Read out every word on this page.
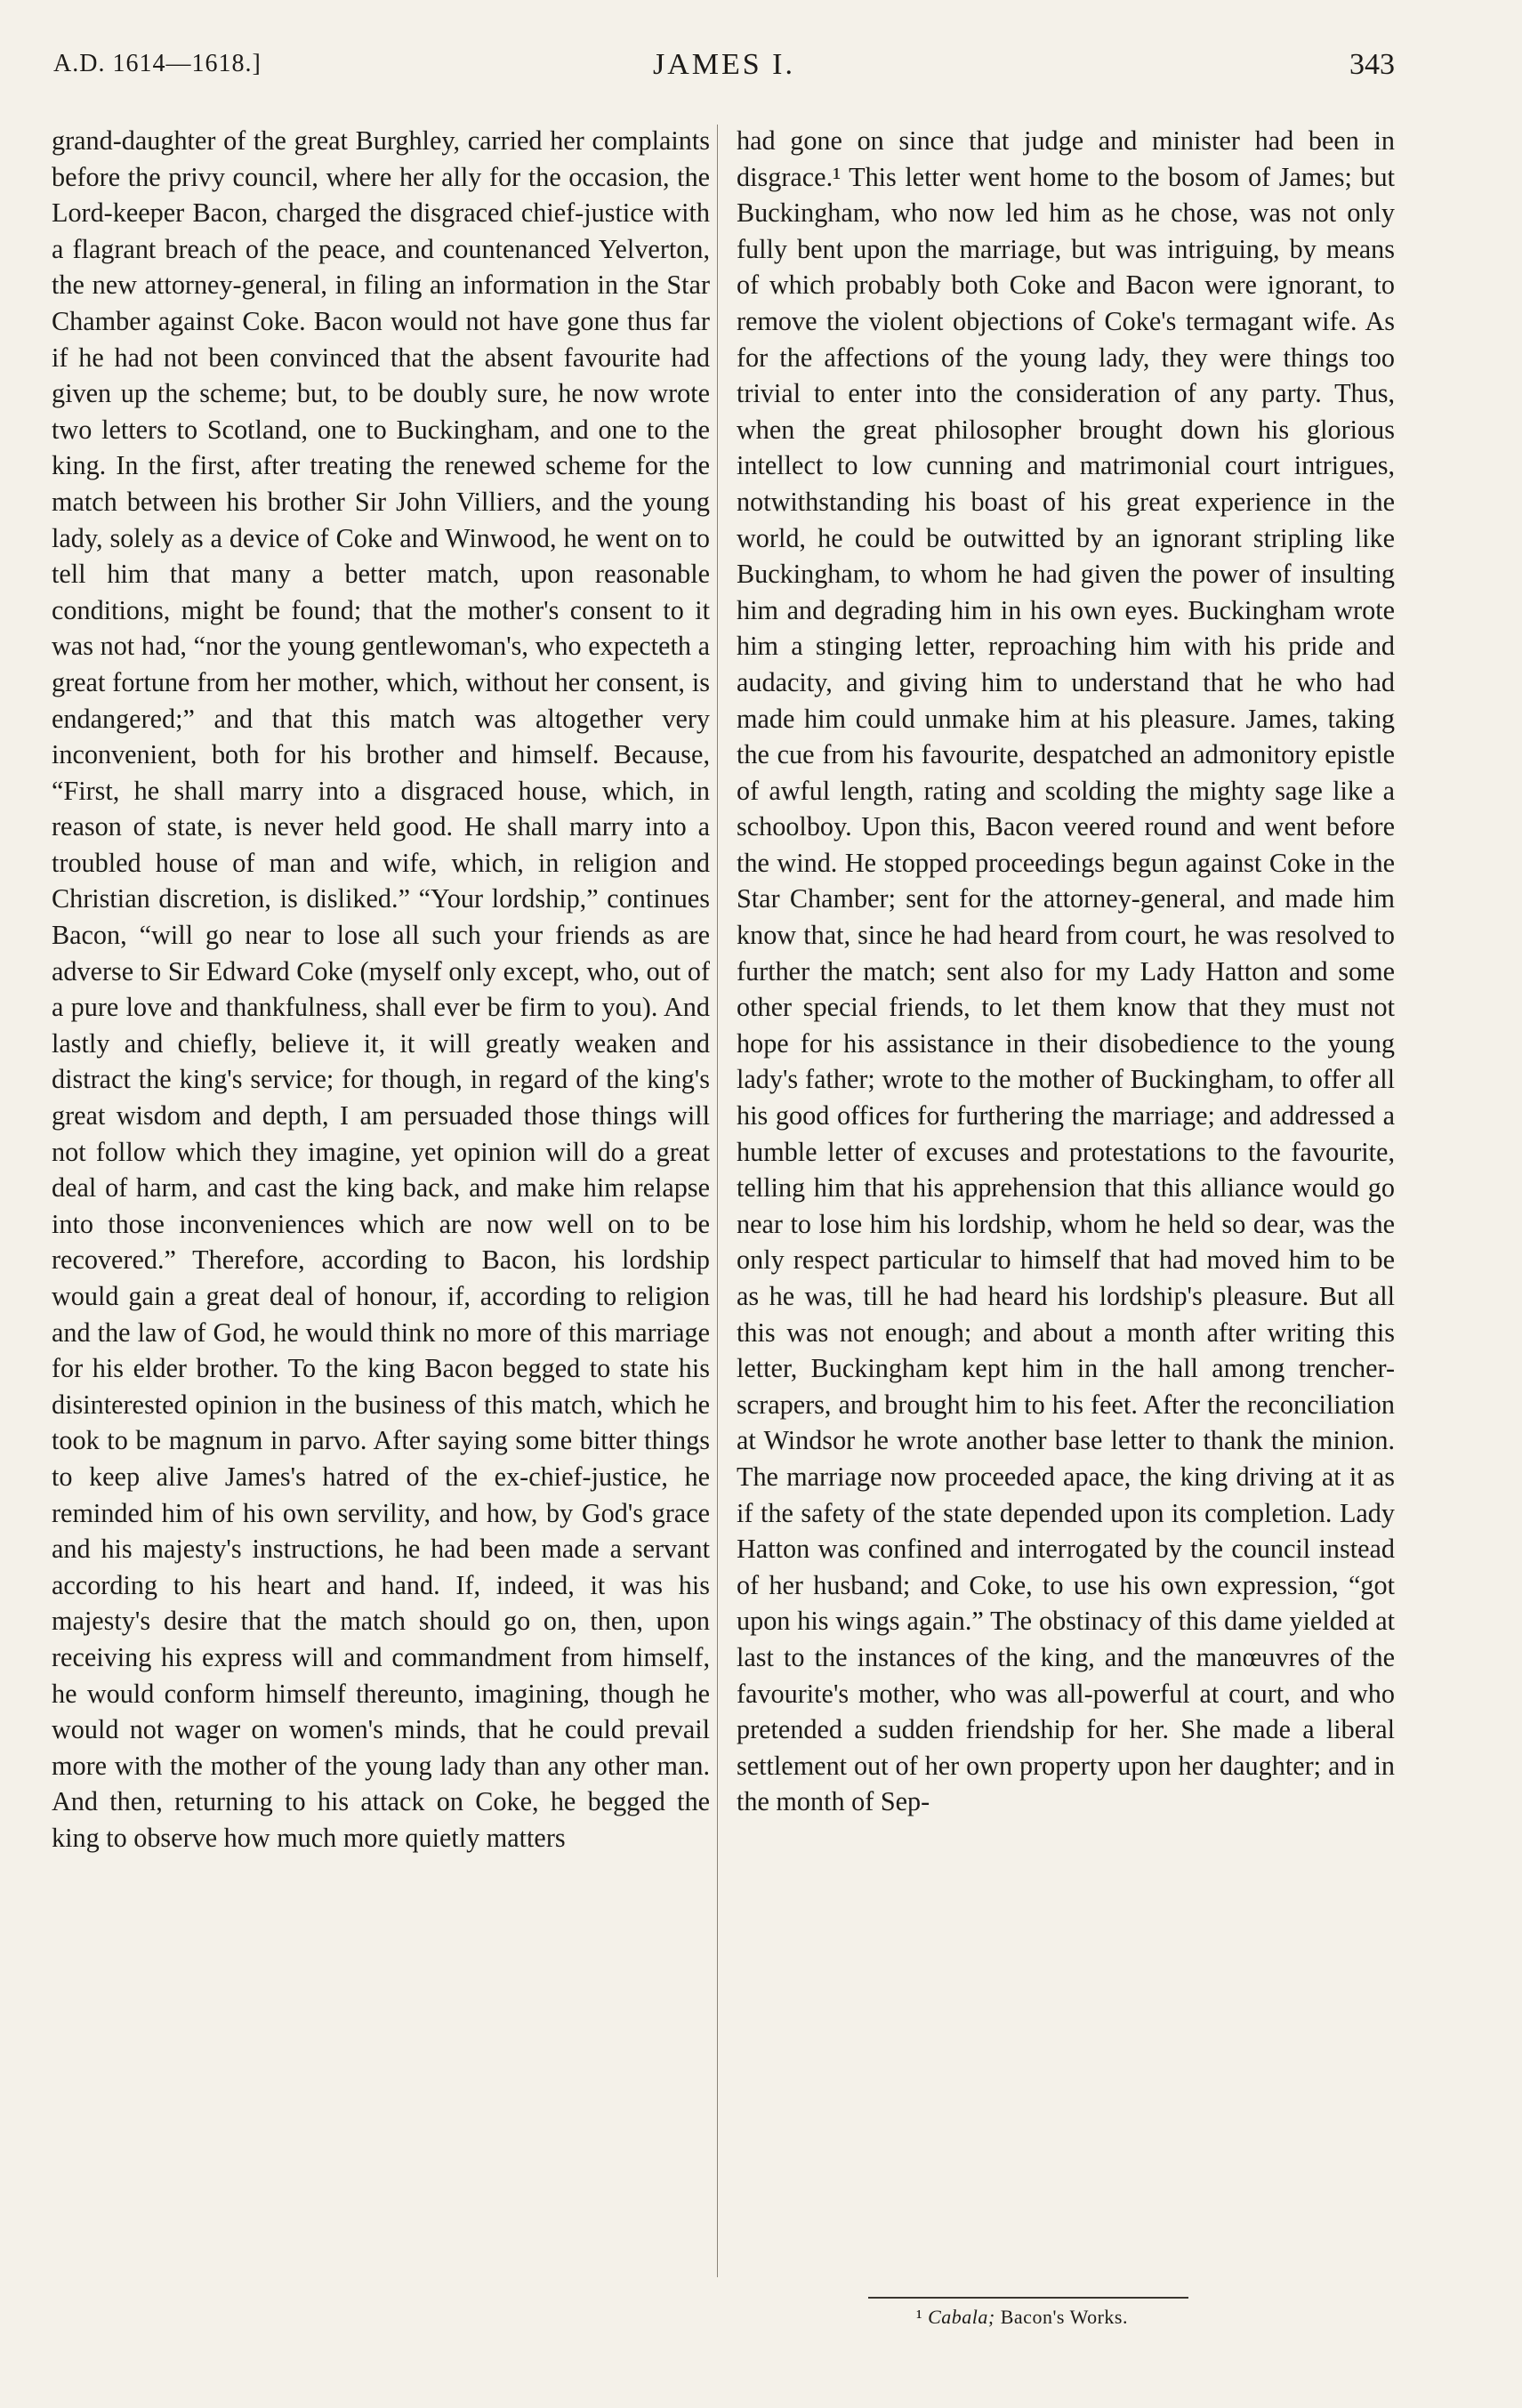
A.D. 1614—1618.]	JAMES I.	343

grand-daughter of the great Burghley, carried her complaints before the privy council, where her ally for the occasion, the Lord-keeper Bacon, charged the disgraced chief-justice with a flagrant breach of the peace, and countenanced Yelverton, the new attorney-general, in filing an information in the Star Chamber against Coke. Bacon would not have gone thus far if he had not been convinced that the absent favourite had given up the scheme; but, to be doubly sure, he now wrote two letters to Scotland, one to Buckingham, and one to the king. In the first, after treating the renewed scheme for the match between his brother Sir John Villiers, and the young lady, solely as a device of Coke and Winwood, he went on to tell him that many a better match, upon reasonable conditions, might be found; that the mother's consent to it was not had, “nor the young gentlewoman's, who expecteth a great fortune from her mother, which, without her consent, is endangered;” and that this match was altogether very inconvenient, both for his brother and himself. Because, “First, he shall marry into a disgraced house, which, in reason of state, is never held good. He shall marry into a troubled house of man and wife, which, in religion and Christian discretion, is disliked.” “Your lordship,” continues Bacon, “will go near to lose all such your friends as are adverse to Sir Edward Coke (myself only except, who, out of a pure love and thankfulness, shall ever be firm to you). And lastly and chiefly, believe it, it will greatly weaken and distract the king's service; for though, in regard of the king's great wisdom and depth, I am persuaded those things will not follow which they imagine, yet opinion will do a great deal of harm, and cast the king back, and make him relapse into those inconveniences which are now well on to be recovered.” Therefore, according to Bacon, his lordship would gain a great deal of honour, if, according to religion and the law of God, he would think no more of this marriage for his elder brother. To the king Bacon begged to state his disinterested opinion in the business of this match, which he took to be magnum in parvo. After saying some bitter things to keep alive James's hatred of the ex-chief-justice, he reminded him of his own servility, and how, by God's grace and his majesty's instructions, he had been made a servant according to his heart and hand. If, indeed, it was his majesty's desire that the match should go on, then, upon receiving his express will and commandment from himself, he would conform himself thereunto, imagining, though he would not wager on women's minds, that he could prevail more with the mother of the young lady than any other man. And then, returning to his attack on Coke, he begged the king to observe how much more quietly matters

had gone on since that judge and minister had been in disgrace.¹ This letter went home to the bosom of James; but Buckingham, who now led him as he chose, was not only fully bent upon the marriage, but was intriguing, by means of which probably both Coke and Bacon were ignorant, to remove the violent objections of Coke's termagant wife. As for the affections of the young lady, they were things too trivial to enter into the consideration of any party. Thus, when the great philosopher brought down his glorious intellect to low cunning and matrimonial court intrigues, notwithstanding his boast of his great experience in the world, he could be outwitted by an ignorant stripling like Buckingham, to whom he had given the power of insulting him and degrading him in his own eyes. Buckingham wrote him a stinging letter, reproaching him with his pride and audacity, and giving him to understand that he who had made him could unmake him at his pleasure. James, taking the cue from his favourite, despatched an admonitory epistle of awful length, rating and scolding the mighty sage like a schoolboy. Upon this, Bacon veered round and went before the wind. He stopped proceedings begun against Coke in the Star Chamber; sent for the attorney-general, and made him know that, since he had heard from court, he was resolved to further the match; sent also for my Lady Hatton and some other special friends, to let them know that they must not hope for his assistance in their disobedience to the young lady's father; wrote to the mother of Buckingham, to offer all his good offices for furthering the marriage; and addressed a humble letter of excuses and protestations to the favourite, telling him that his apprehension that this alliance would go near to lose him his lordship, whom he held so dear, was the only respect particular to himself that had moved him to be as he was, till he had heard his lordship's pleasure. But all this was not enough; and about a month after writing this letter, Buckingham kept him in the hall among trencher-scrapers, and brought him to his feet. After the reconciliation at Windsor he wrote another base letter to thank the minion. The marriage now proceeded apace, the king driving at it as if the safety of the state depended upon its completion. Lady Hatton was confined and interrogated by the council instead of her husband; and Coke, to use his own expression, “got upon his wings again.” The obstinacy of this dame yielded at last to the instances of the king, and the manœuvres of the favourite's mother, who was all-powerful at court, and who pretended a sudden friendship for her. She made a liberal settlement out of her own property upon her daughter; and in the month of Sep-

¹ Cabala; Bacon's Works.
